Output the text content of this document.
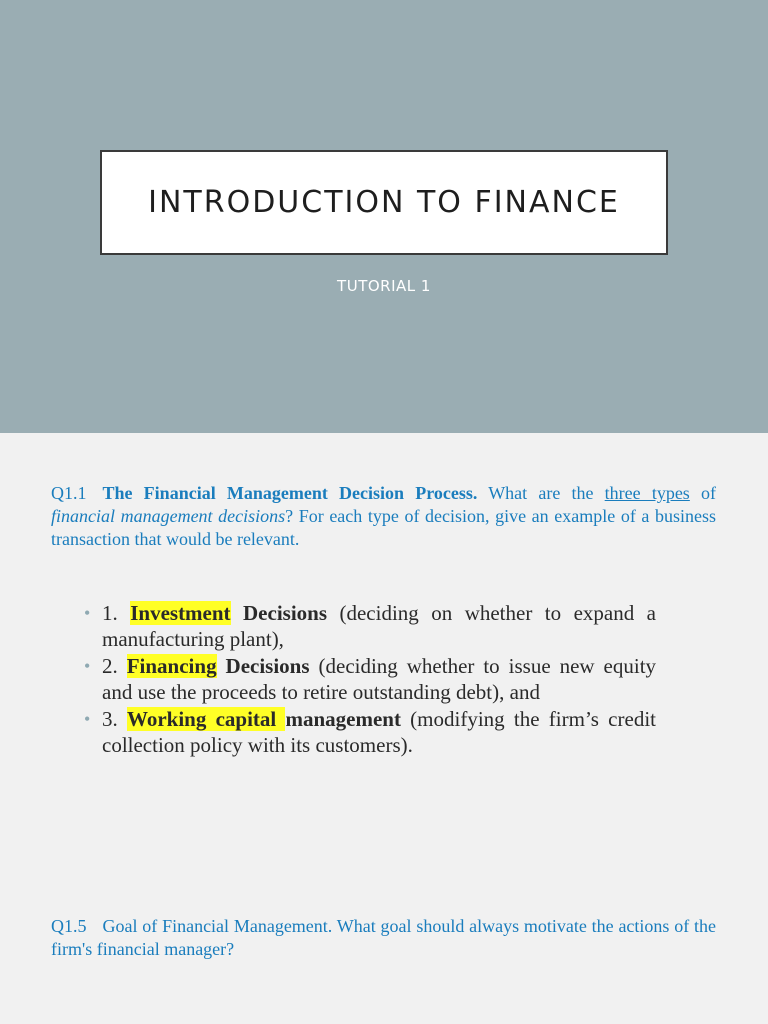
INTRODUCTION TO FINANCE
TUTORIAL 1
Q1.1 The Financial Management Decision Process. What are the three types of financial management decisions? For each type of decision, give an example of a business transaction that would be relevant.
• 1. Investment Decisions (deciding on whether to expand a manufacturing plant),
• 2. Financing Decisions (deciding whether to issue new equity and use the proceeds to retire outstanding debt), and
• 3. Working capital management (modifying the firm’s credit collection policy with its customers).
Q1.5 Goal of Financial Management. What goal should always motivate the actions of the firm's financial manager?
